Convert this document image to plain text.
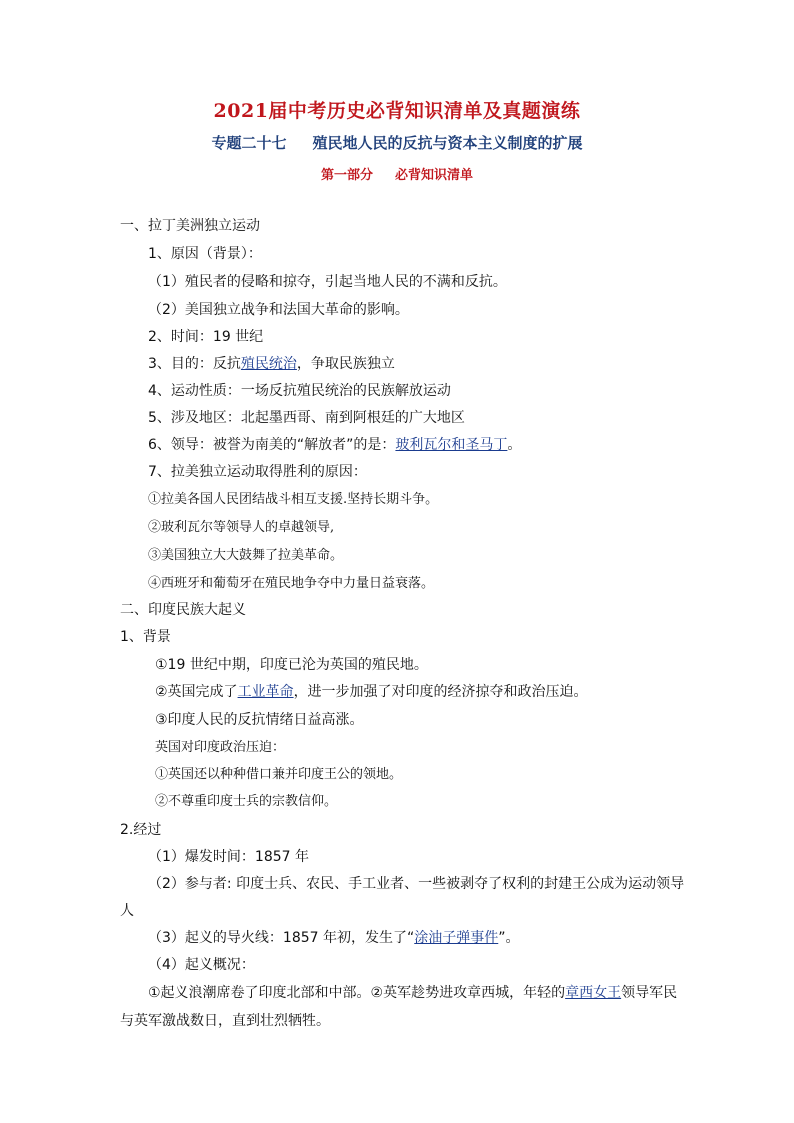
2021届中考历史必背知识清单及真题演练
专题二十七 殖民地人民的反抗与资本主义制度的扩展
第一部分 必背知识清单
一、拉丁美洲独立运动
1、原因（背景）：
（1）殖民者的侵略和掠夺，引起当地人民的不满和反抗。
（2）美国独立战争和法国大革命的影响。
2、时间：19 世纪
3、目的：反抗殖民统治，争取民族独立
4、运动性质：一场反抗殖民统治的民族解放运动
5、涉及地区：北起墨西哥、南到阿根廷的广大地区
6、领导：被誉为南美的“解放者”的是：玻利瓦尔和圣马丁。
7、拉美独立运动取得胜利的原因：
①拉美各国人民团结战斗相互支援.坚持长期斗争。
②玻利瓦尔等领导人的卓越领导,
③美国独立大大鼓舞了拉美革命。
④西班牙和葡萄牙在殖民地争夺中力量日益衰落。
二、印度民族大起义
1、背景
①19 世纪中期，印度已沦为英国的殖民地。
②英国完成了工业革命，进一步加强了对印度的经济掠夺和政治压迫。
③印度人民的反抗情绪日益高涨。
英国对印度政治压迫：
①英国还以种种借口兼并印度王公的领地。
②不尊重印度士兵的宗教信仰。
2.经过
（1）爆发时间：1857 年
（2）参与者: 印度士兵、农民、手工业者、一些被剥夺了权利的封建王公成为运动领导
人
（3）起义的导火线：1857 年初，发生了“涂油子弹事件”。
（4）起义概况：
①起义浪潮席卷了印度北部和中部。②英军趁势进攻章西城，年轻的章西女王领导军民
与英军激战数日，直到壮烈牺牲。
